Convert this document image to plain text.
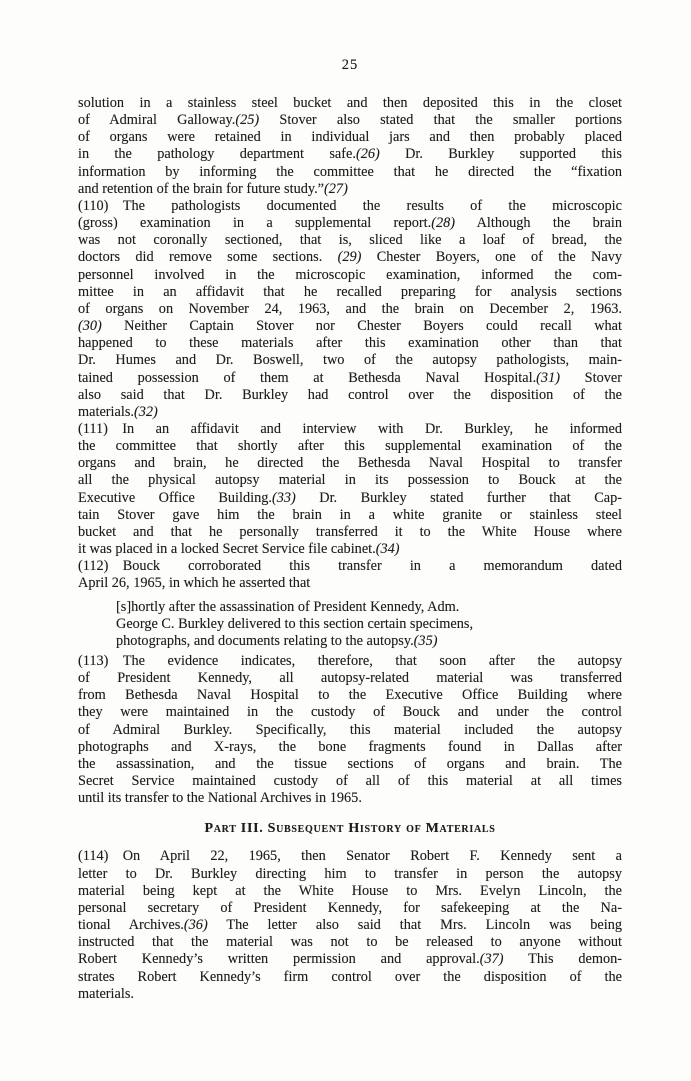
25
solution in a stainless steel bucket and then deposited this in the closet
of Admiral Galloway.(25) Stover also stated that the smaller portions
of organs were retained in individual jars and then probably placed
in the pathology department safe.(26) Dr. Burkley supported this
information by informing the committee that he directed the “fixation
and retention of the brain for future study.”(27)
(110) The pathologists documented the results of the microscopic
(gross) examination in a supplemental report.(28) Although the brain
was not coronally sectioned, that is, sliced like a loaf of bread, the
doctors did remove some sections. (29) Chester Boyers, one of the Navy
personnel involved in the microscopic examination, informed the com-
mittee in an affidavit that he recalled preparing for analysis sections
of organs on November 24, 1963, and the brain on December 2, 1963.
(30) Neither Captain Stover nor Chester Boyers could recall what
happened to these materials after this examination other than that
Dr. Humes and Dr. Boswell, two of the autopsy pathologists, main-
tained possession of them at Bethesda Naval Hospital.(31) Stover
also said that Dr. Burkley had control over the disposition of the
materials.(32)
(111) In an affidavit and interview with Dr. Burkley, he informed
the committee that shortly after this supplemental examination of the
organs and brain, he directed the Bethesda Naval Hospital to transfer
all the physical autopsy material in its possession to Bouck at the
Executive Office Building.(33) Dr. Burkley stated further that Cap-
tain Stover gave him the brain in a white granite or stainless steel
bucket and that he personally transferred it to the White House where
it was placed in a locked Secret Service file cabinet.(34)
(112) Bouck corroborated this transfer in a memorandum dated
April 26, 1965, in which he asserted that
[s]hortly after the assassination of President Kennedy, Adm.
George C. Burkley delivered to this section certain specimens,
photographs, and documents relating to the autopsy.(35)
(113) The evidence indicates, therefore, that soon after the autopsy
of President Kennedy, all autopsy-related material was transferred
from Bethesda Naval Hospital to the Executive Office Building where
they were maintained in the custody of Bouck and under the control
of Admiral Burkley. Specifically, this material included the autopsy
photographs and X-rays, the bone fragments found in Dallas after
the assassination, and the tissue sections of organs and brain. The
Secret Service maintained custody of all of this material at all times
until its transfer to the National Archives in 1965.
Part III. Subsequent History of Materials
(114) On April 22, 1965, then Senator Robert F. Kennedy sent a
letter to Dr. Burkley directing him to transfer in person the autopsy
material being kept at the White House to Mrs. Evelyn Lincoln, the
personal secretary of President Kennedy, for safekeeping at the Na-
tional Archives.(36) The letter also said that Mrs. Lincoln was being
instructed that the material was not to be released to anyone without
Robert Kennedy’s written permission and approval.(37) This demon-
strates Robert Kennedy’s firm control over the disposition of the
materials.
